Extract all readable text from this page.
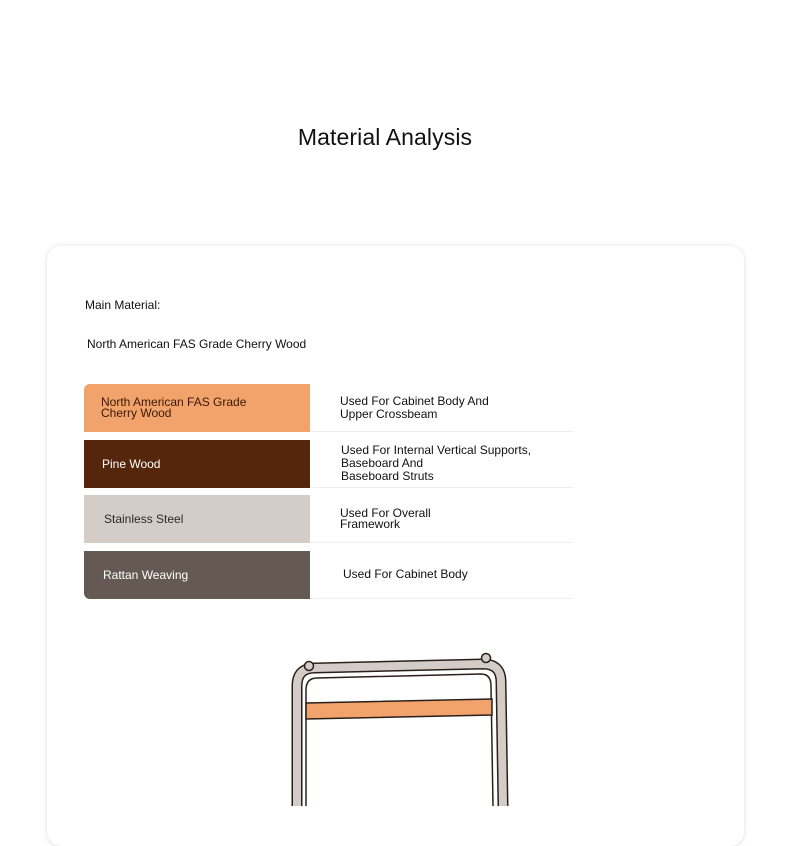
Material Analysis
Main Material:
North American FAS Grade Cherry Wood
North American FAS Grade
Cherry Wood
Used For Cabinet Body And
Upper Crossbeam
Pine Wood
Used For Internal Vertical Supports, Baseboard And
Baseboard Struts
Stainless Steel	Used For Overall
Framework
Rattan Weaving	Used For Cabinet Body
